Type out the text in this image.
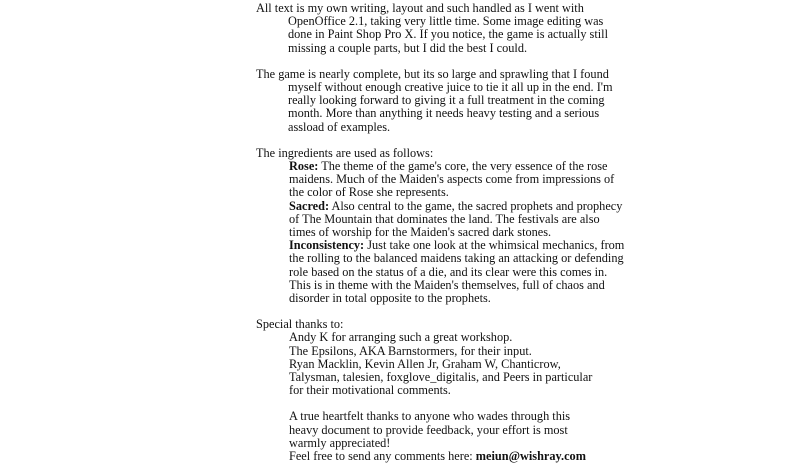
All text is my own writing, layout and such handled as I went with OpenOffice 2.1, taking very little time. Some image editing was done in Paint Shop Pro X. If you notice, the game is actually still missing a couple parts, but I did the best I could.

The game is nearly complete, but its so large and sprawling that I found myself without enough creative juice to tie it all up in the end. I'm really looking forward to giving it a full treatment in the coming month. More than anything it needs heavy testing and a serious assload of examples.

The ingredients are used as follows:

Rose: The theme of the game's core, the very essence of the rose maidens. Much of the Maiden's aspects come from impressions of the color of Rose she represents.

Sacred: Also central to the game, the sacred prophets and prophecy of The Mountain that dominates the land. The festivals are also times of worship for the Maiden's sacred dark stones.

Inconsistency: Just take one look at the whimsical mechanics, from the rolling to the balanced maidens taking an attacking or defending role based on the status of a die, and its clear were this comes in. This is in theme with the Maiden's themselves, full of chaos and disorder in total opposite to the prophets.

Special thanks to:

Andy K for arranging such a great workshop.

The Epsilons, AKA Barnstormers, for their input.

Ryan Macklin, Kevin Allen Jr, Graham W, Chanticrow,

Talysman, talesien, foxglove_digitalis, and Peers in particular

for their motivational comments.

A true heartfelt thanks to anyone who wades through this

heavy document to provide feedback, your effort is most

warmly appreciated!

Feel free to send any comments here: meiun@wishray.com
